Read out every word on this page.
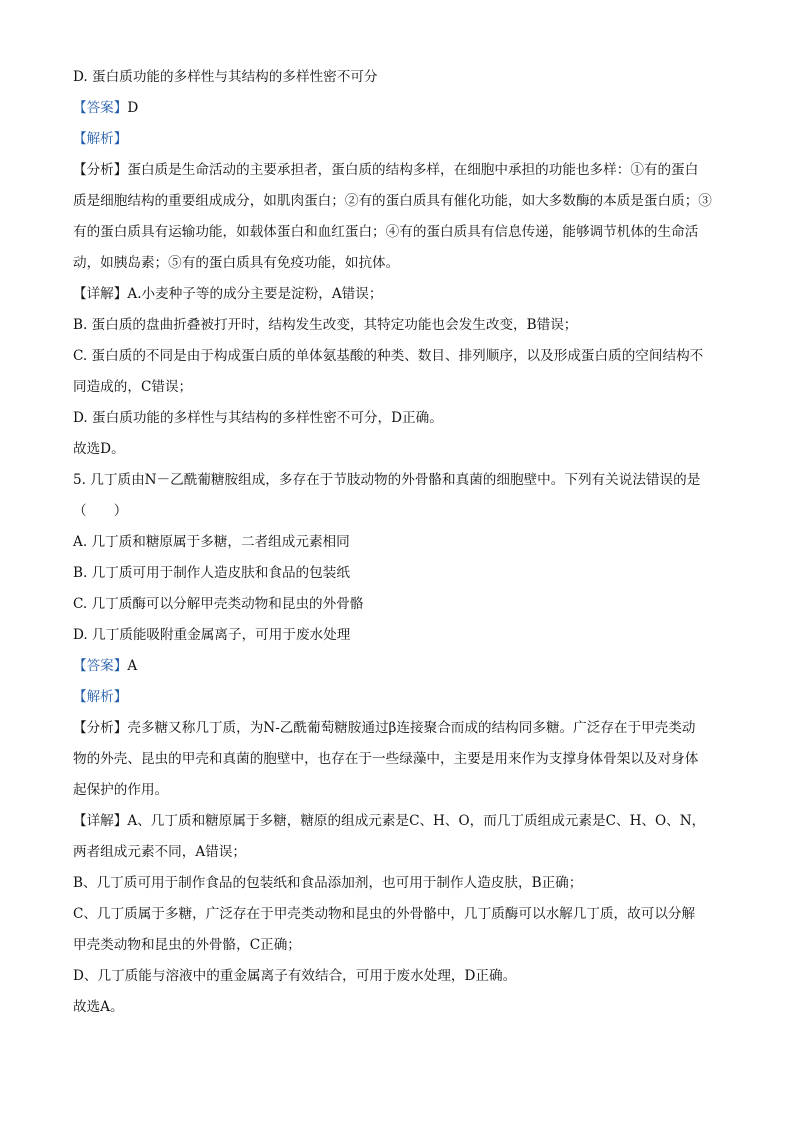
D. 蛋白质功能的多样性与其结构的多样性密不可分
【答案】D
【解析】
【分析】蛋白质是生命活动的主要承担者，蛋白质的结构多样，在细胞中承担的功能也多样：①有的蛋白
质是细胞结构的重要组成成分，如肌肉蛋白；②有的蛋白质具有催化功能，如大多数酶的本质是蛋白质；③
有的蛋白质具有运输功能，如载体蛋白和血红蛋白；④有的蛋白质具有信息传递，能够调节机体的生命活
动，如胰岛素；⑤有的蛋白质具有免疫功能，如抗体。
【详解】A.小麦种子等的成分主要是淀粉，A错误；
B. 蛋白质的盘曲折叠被打开时，结构发生改变，其特定功能也会发生改变，B错误；
C. 蛋白质的不同是由于构成蛋白质的单体氨基酸的种类、数目、排列顺序，以及形成蛋白质的空间结构不
同造成的，C错误；
D. 蛋白质功能的多样性与其结构的多样性密不可分，D正确。
故选D。
5. 几丁质由N－乙酰葡糖胺组成，多存在于节肢动物的外骨骼和真菌的细胞壁中。下列有关说法错误的是
（　　）
A. 几丁质和糖原属于多糖，二者组成元素相同
B. 几丁质可用于制作人造皮肤和食品的包装纸
C. 几丁质酶可以分解甲壳类动物和昆虫的外骨骼
D. 几丁质能吸附重金属离子，可用于废水处理
【答案】A
【解析】
【分析】壳多糖又称几丁质，为N-乙酰葡萄糖胺通过β连接聚合而成的结构同多糖。广泛存在于甲壳类动
物的外壳、昆虫的甲壳和真菌的胞壁中，也存在于一些绿藻中，主要是用来作为支撑身体骨架以及对身体
起保护的作用。
【详解】A、几丁质和糖原属于多糖，糖原的组成元素是C、H、O，而几丁质组成元素是C、H、O、N，
两者组成元素不同，A错误；
B、几丁质可用于制作食品的包装纸和食品添加剂，也可用于制作人造皮肤，B正确；
C、几丁质属于多糖，广泛存在于甲壳类动物和昆虫的外骨骼中，几丁质酶可以水解几丁质，故可以分解
甲壳类动物和昆虫的外骨骼，C正确；
D、几丁质能与溶液中的重金属离子有效结合，可用于废水处理，D正确。
故选A。
